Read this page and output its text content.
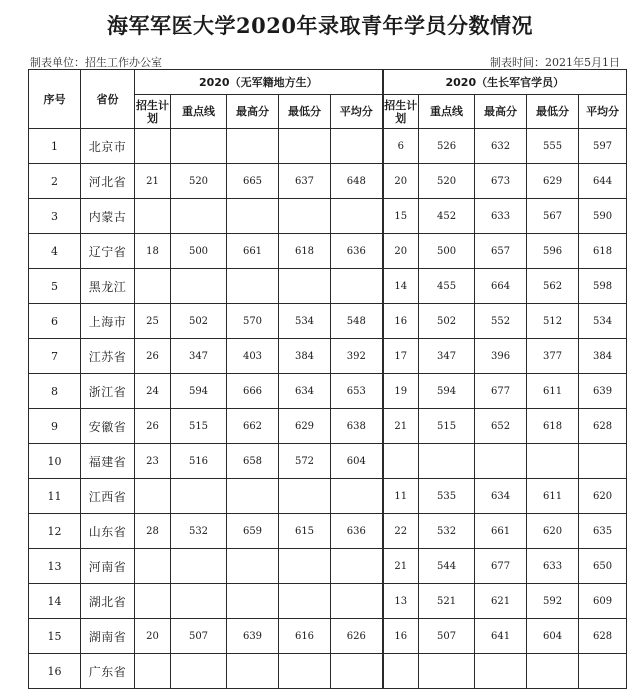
海军军医大学2020年录取青年学员分数情况
制表单位：招生工作办公室	制表时间：2021年5月1日
序号	省份	2020（无军籍地方生）					2020（生长军官学员）				
		招生计划	重点线	最高分	最低分	平均分	招生计划	重点线	最高分	最低分	平均分
1	北京市						6	526	632	555	597
2	河北省	21	520	665	637	648	20	520	673	629	644
3	内蒙古						15	452	633	567	590
4	辽宁省	18	500	661	618	636	20	500	657	596	618
5	黑龙江						14	455	664	562	598
6	上海市	25	502	570	534	548	16	502	552	512	534
7	江苏省	26	347	403	384	392	17	347	396	377	384
8	浙江省	24	594	666	634	653	19	594	677	611	639
9	安徽省	26	515	662	629	638	21	515	652	618	628
10	福建省	23	516	658	572	604					
11	江西省						11	535	634	611	620
12	山东省	28	532	659	615	636	22	532	661	620	635
13	河南省						21	544	677	633	650
14	湖北省						13	521	621	592	609
15	湖南省	20	507	639	616	626	16	507	641	604	628
16	广东省										
